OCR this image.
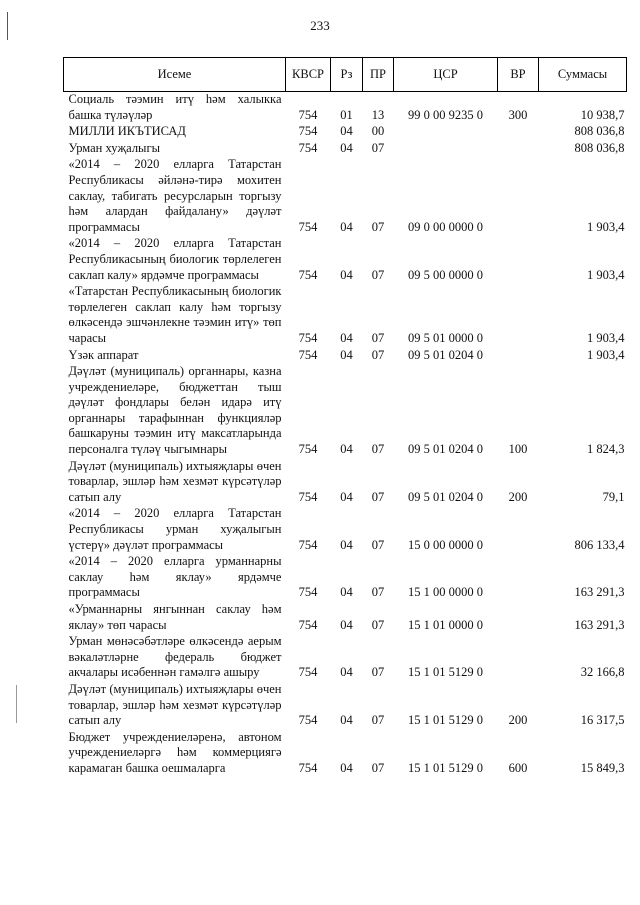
233
Исеме	КВСР	Рз	ПР	ЦСР	ВР	Суммасы
Социаль тәэмин итү һәм халыкка башка түләүләр	754	01	13	99 0 00 9235 0	300	10 938,7
МИЛЛИ ИКЪТИСАД	754	04	00			808 036,8
Урман хуҗалыгы	754	04	07			808 036,8
«2014 – 2020 елларга Татарстан Республикасы әйләнә-тирә мохитен саклау, табигать ресурсларын торгызу һәм алардан файдалану» дәүләт программасы	754	04	07	09 0 00 0000 0		1 903,4
«2014 – 2020 елларга Татарстан Республикасының биологик төрлелеген саклап калу» ярдәмче программасы	754	04	07	09 5 00 0000 0		1 903,4
«Татарстан Республикасының биологик төрлелеген саклап калу һәм торгызу өлкәсендә эшчәнлекне тәэмин итү» төп чарасы	754	04	07	09 5 01 0000 0		1 903,4
Үзәк аппарат	754	04	07	09 5 01 0204 0		1 903,4
Дәүләт (муниципаль) органнары, казна учреждениеләре, бюджеттан тыш дәүләт фондлары белән идарә итү органнары тарафыннан функцияләр башкаруны тәэмин итү максатларында персоналга түләү чыгымнары	754	04	07	09 5 01 0204 0	100	1 824,3
Дәүләт (муниципаль) ихтыяҗлары өчен товарлар, эшләр һәм хезмәт күрсәтүләр сатып алу	754	04	07	09 5 01 0204 0	200	79,1
«2014 – 2020 елларга Татарстан Республикасы урман хуҗалыгын үстерү» дәүләт программасы	754	04	07	15 0 00 0000 0		806 133,4
«2014 – 2020 елларга урманнарны саклау һәм яклау» ярдәмче программасы	754	04	07	15 1 00 0000 0		163 291,3
«Урманнарны янгыннан саклау һәм яклау» төп чарасы	754	04	07	15 1 01 0000 0		163 291,3
Урман мөнәсәбәтләре өлкәсендә аерым вәкаләтләрне федераль бюджет акчалары исәбеннән гамәлгә ашыру	754	04	07	15 1 01 5129 0		32 166,8
Дәүләт (муниципаль) ихтыяҗлары өчен товарлар, эшләр һәм хезмәт күрсәтүләр сатып алу	754	04	07	15 1 01 5129 0	200	16 317,5
Бюджет учреждениеләренә, автоном учреждениеләргә һәм коммерциягә карамаган башка оешмаларга	754	04	07	15 1 01 5129 0	600	15 849,3
